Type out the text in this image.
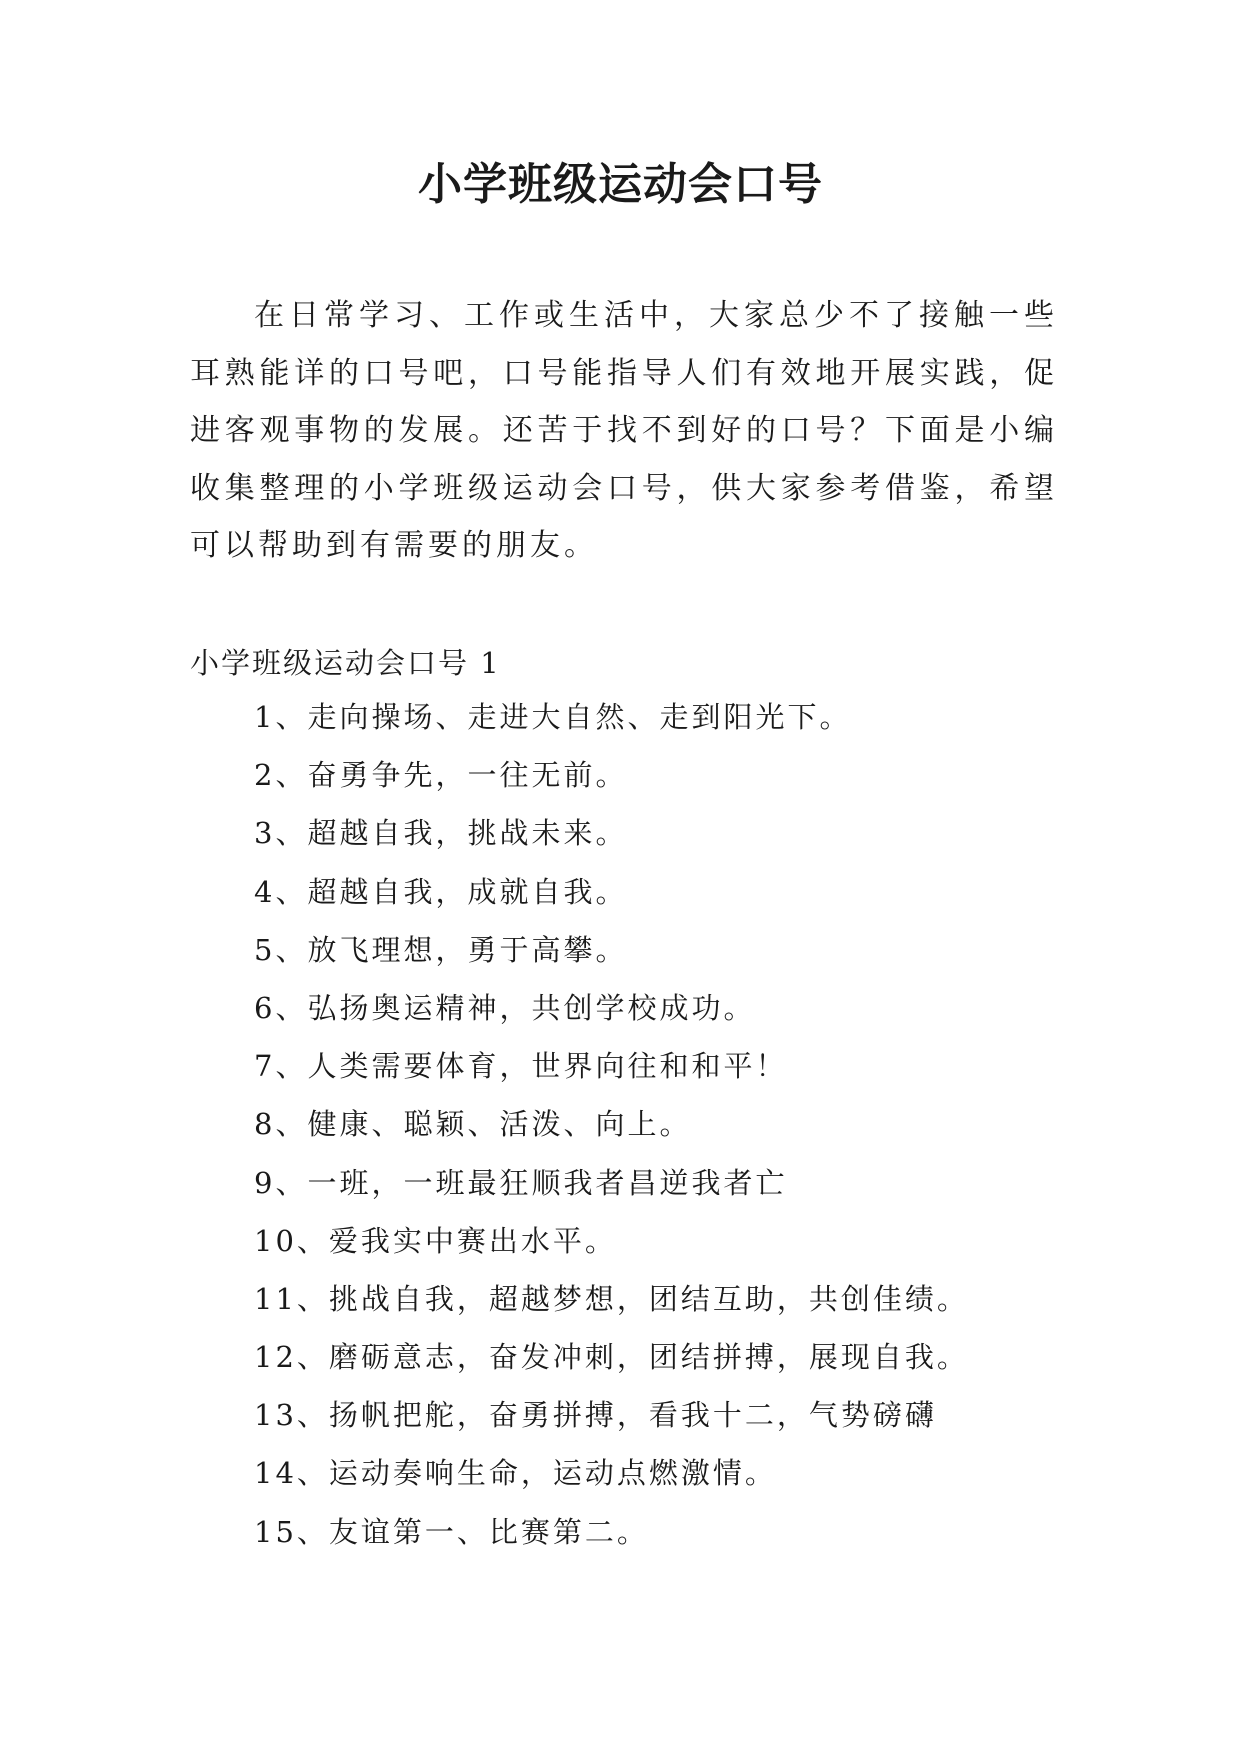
小学班级运动会口号

在日常学习、工作或生活中，大家总少不了接触一些耳熟能详的口号吧，口号能指导人们有效地开展实践，促进客观事物的发展。还苦于找不到好的口号？下面是小编收集整理的小学班级运动会口号，供大家参考借鉴，希望可以帮助到有需要的朋友。

小学班级运动会口号 1
1、走向操场、走进大自然、走到阳光下。
2、奋勇争先，一往无前。
3、超越自我，挑战未来。
4、超越自我，成就自我。
5、放飞理想，勇于高攀。
6、弘扬奥运精神，共创学校成功。
7、人类需要体育，世界向往和和平！
8、健康、聪颖、活泼、向上。
9、一班，一班最狂顺我者昌逆我者亡
10、爱我实中赛出水平。
11、挑战自我，超越梦想，团结互助，共创佳绩。
12、磨砺意志，奋发冲刺，团结拼搏，展现自我。
13、扬帆把舵，奋勇拼搏，看我十二，气势磅礴
14、运动奏响生命，运动点燃激情。
15、友谊第一、比赛第二。
